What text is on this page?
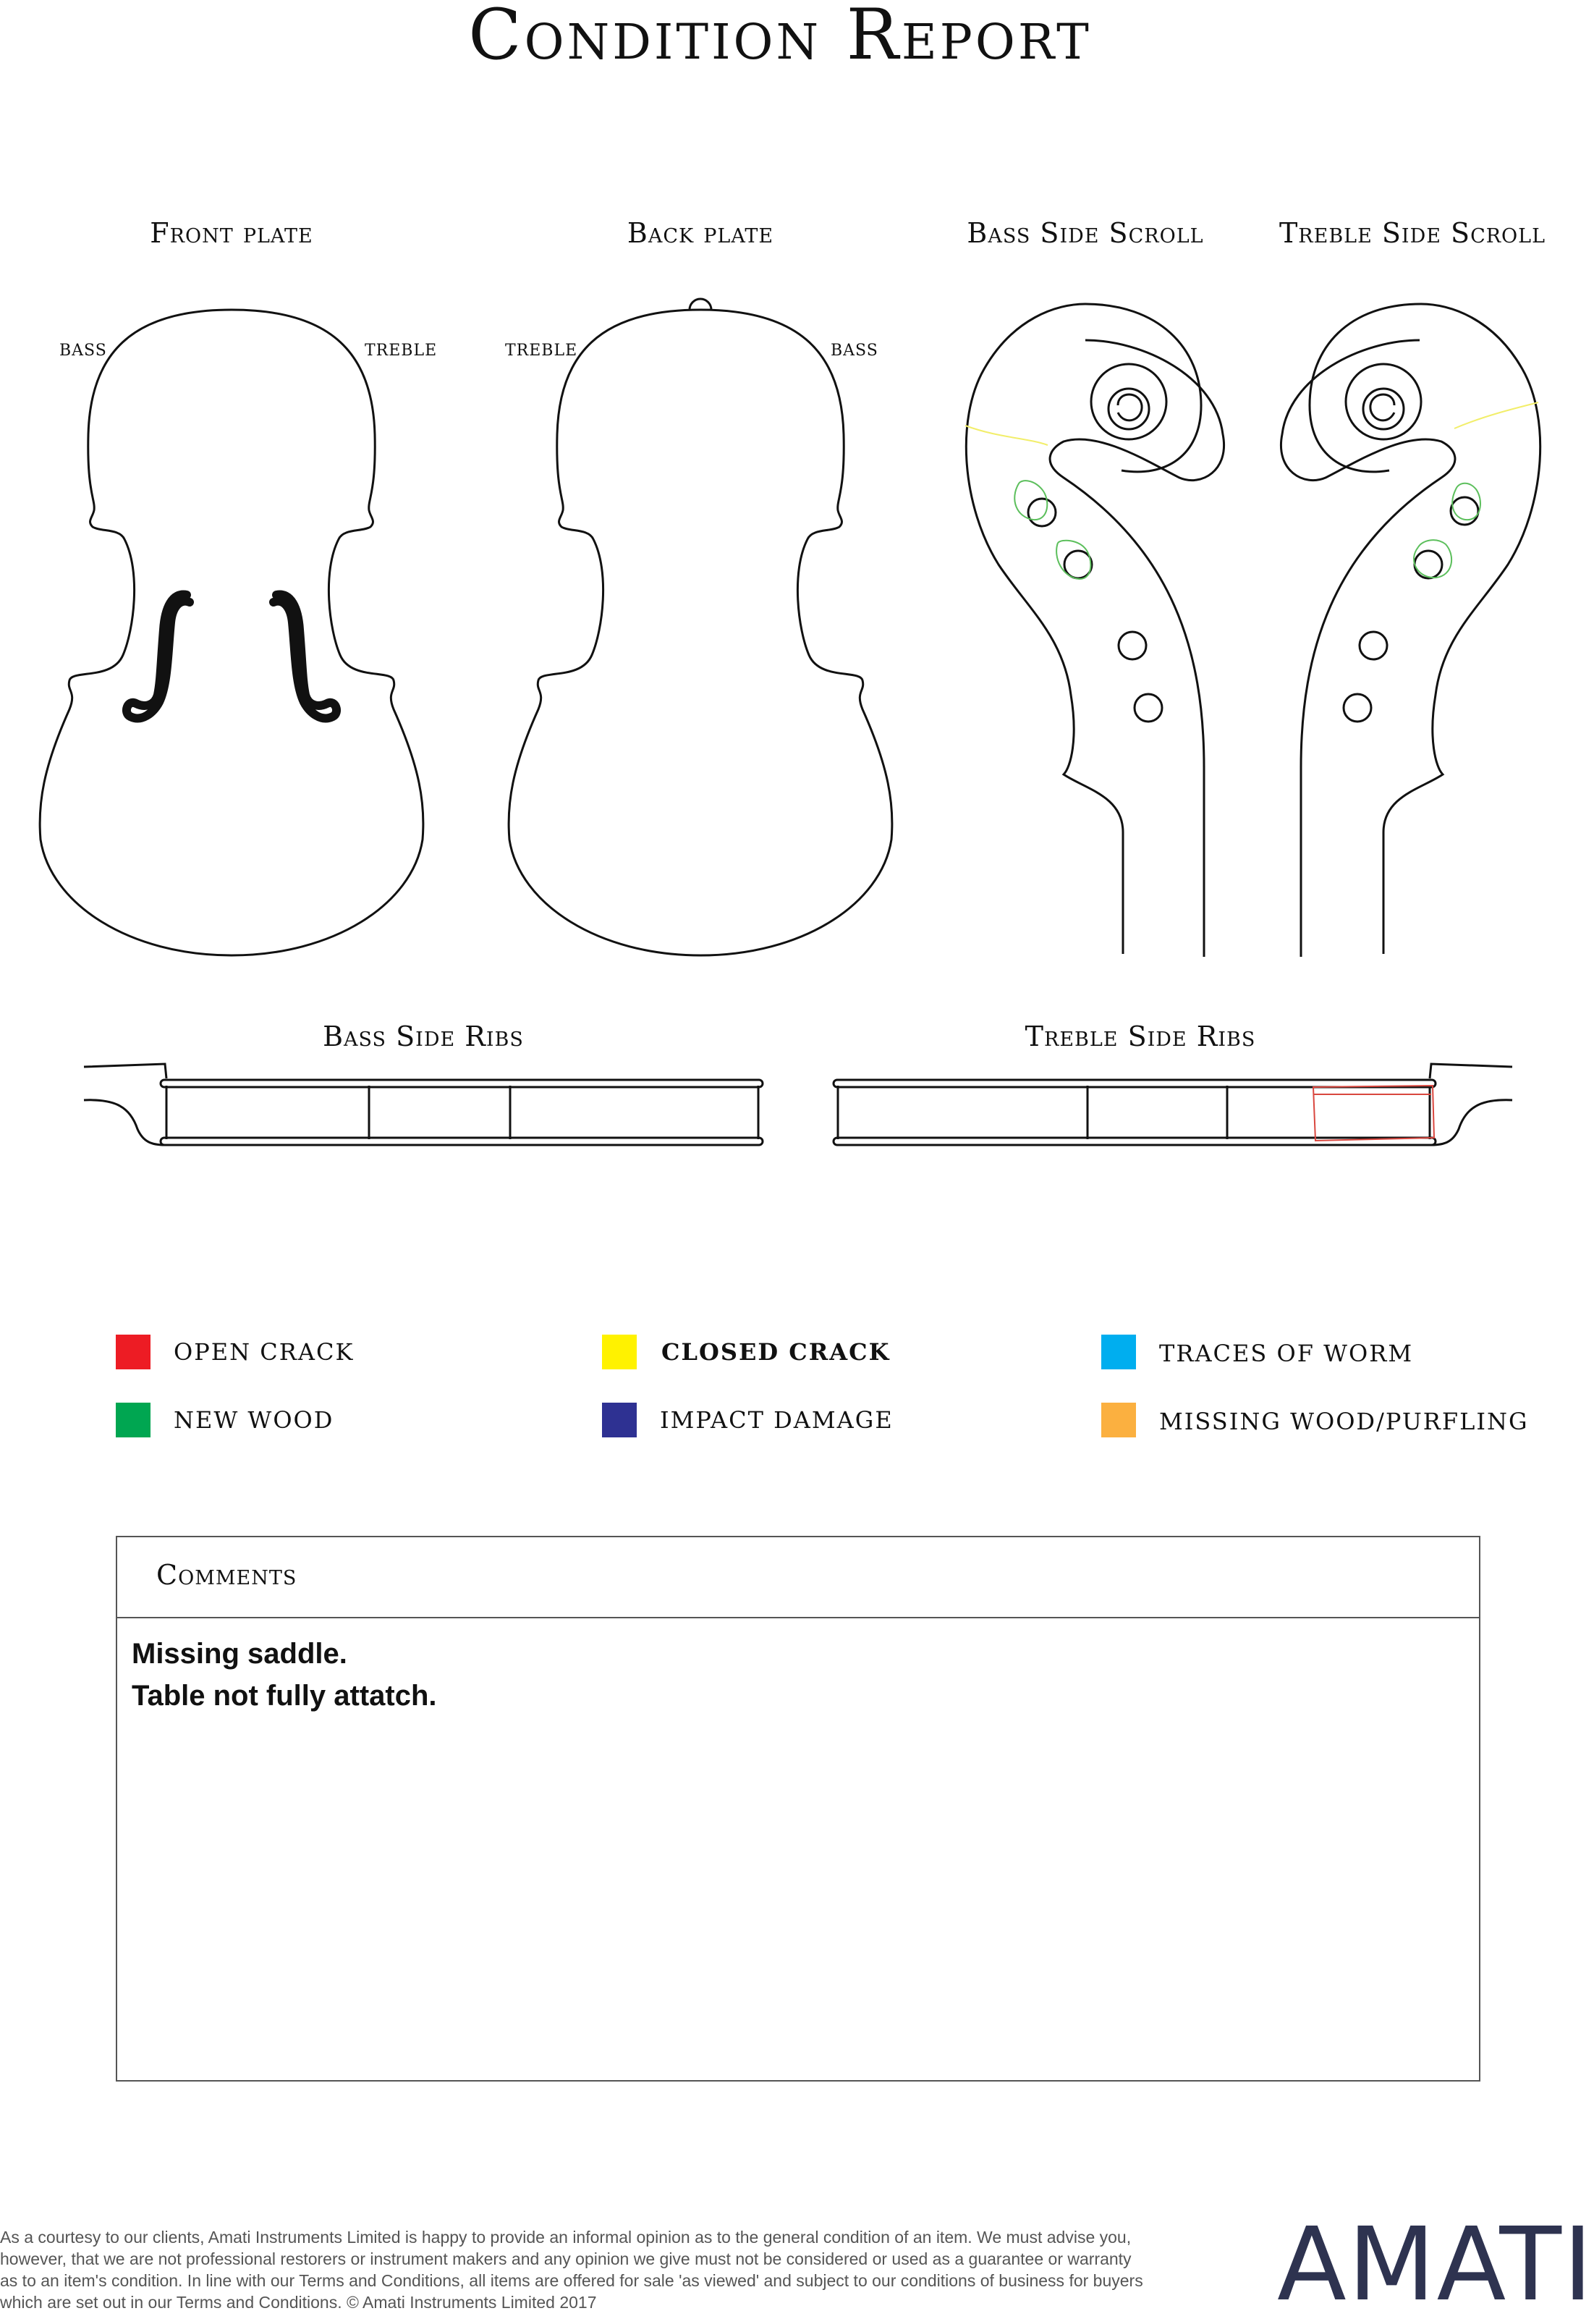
Condition Report
Front plate	Back plate	Bass Side Scroll	Treble Side Scroll
Bass Side Ribs	Treble Side Ribs
BASS	TREBLE	TREBLE	BASS
OPEN CRACK	CLOSED CRACK	TRACES OF WORM
NEW WOOD	IMPACT DAMAGE	MISSING WOOD/PURFLING
Comments
Missing saddle.
Table not fully attatch.
As a courtesy to our clients, Amati Instruments Limited is happy to provide an informal opinion as to the general condition of an item. We must advise you, however, that we are not professional restorers or instrument makers and any opinion we give must not be considered or used as a guarantee or warranty as to an item's condition. In line with our Terms and Conditions, all items are offered for sale 'as viewed' and subject to our conditions of business for buyers which are set out in our Terms and Conditions. © Amati Instruments Limited 2017	AMATI
